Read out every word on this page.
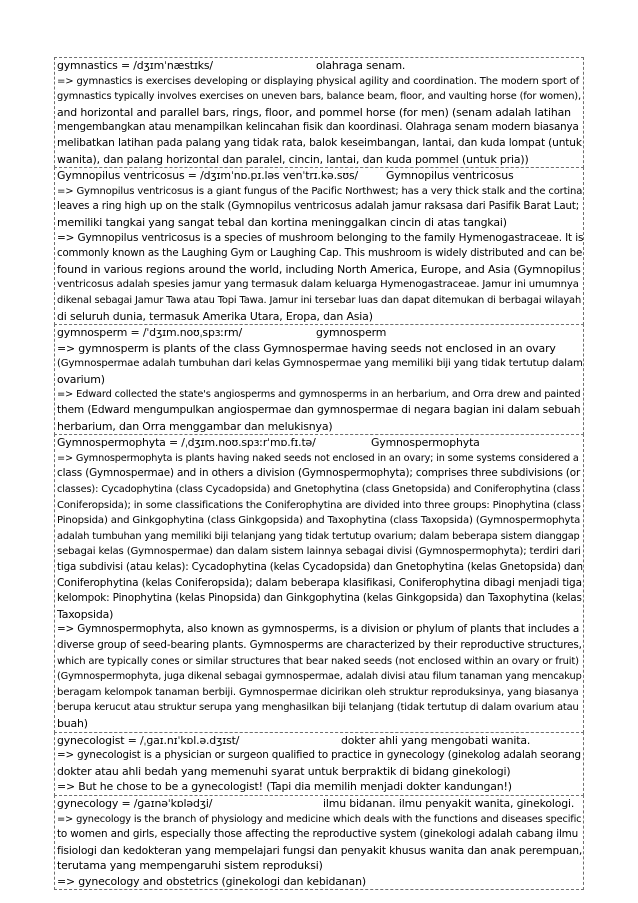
gymnastics = /dʒɪmˈnæstɪks/	olahraga senam.
=> gymnastics is exercises developing or displaying physical agility and coordination. The modern sport of
gymnastics typically involves exercises on uneven bars, balance beam, floor, and vaulting horse (for women),
and horizontal and parallel bars, rings, floor, and pommel horse (for men) (senam adalah latihan
mengembangkan atau menampilkan kelincahan fisik dan koordinasi. Olahraga senam modern biasanya
melibatkan latihan pada palang yang tidak rata, balok keseimbangan, lantai, dan kuda lompat (untuk
wanita), dan palang horizontal dan paralel, cincin, lantai, dan kuda pommel (untuk pria))
Gymnopilus ventricosus = /dʒɪmˈnɒ.pɪ.ləs venˈtrɪ.kə.sʊs/	Gymnopilus ventricosus
=> Gymnopilus ventricosus is a giant fungus of the Pacific Northwest; has a very thick stalk and the cortina
leaves a ring high up on the stalk (Gymnopilus ventricosus adalah jamur raksasa dari Pasifik Barat Laut;
memiliki tangkai yang sangat tebal dan kortina meninggalkan cincin di atas tangkai)
=> Gymnopilus ventricosus is a species of mushroom belonging to the family Hymenogastraceae. It is
commonly known as the Laughing Gym or Laughing Cap. This mushroom is widely distributed and can be
found in various regions around the world, including North America, Europe, and Asia (Gymnopilus
ventricosus adalah spesies jamur yang termasuk dalam keluarga Hymenogastraceae. Jamur ini umumnya
dikenal sebagai Jamur Tawa atau Topi Tawa. Jamur ini tersebar luas dan dapat ditemukan di berbagai wilayah
di seluruh dunia, termasuk Amerika Utara, Eropa, dan Asia)
gymnosperm = /ˈdʒɪm.noʊˌspɜːrm/	gymnosperm
=> gymnosperm is plants of the class Gymnospermae having seeds not enclosed in an ovary
(Gymnospermae adalah tumbuhan dari kelas Gymnospermae yang memiliki biji yang tidak tertutup dalam
ovarium)
=> Edward collected the state's angiosperms and gymnosperms in an herbarium, and Orra drew and painted
them (Edward mengumpulkan angiospermae dan gymnospermae di negara bagian ini dalam sebuah
herbarium, dan Orra menggambar dan melukisnya)
Gymnospermophyta = /ˌdʒɪm.noʊ.spɜːrˈmɒ.fɪ.tə/	Gymnospermophyta
=> Gymnospermophyta is plants having naked seeds not enclosed in an ovary; in some systems considered a
class (Gymnospermae) and in others a division (Gymnospermophyta); comprises three subdivisions (or
classes): Cycadophytina (class Cycadopsida) and Gnetophytina (class Gnetopsida) and Coniferophytina (class
Coniferopsida); in some classifications the Coniferophytina are divided into three groups: Pinophytina (class
Pinopsida) and Ginkgophytina (class Ginkgopsida) and Taxophytina (class Taxopsida) (Gymnospermophyta
adalah tumbuhan yang memiliki biji telanjang yang tidak tertutup ovarium; dalam beberapa sistem dianggap
sebagai kelas (Gymnospermae) dan dalam sistem lainnya sebagai divisi (Gymnospermophyta); terdiri dari
tiga subdivisi (atau kelas): Cycadophytina (kelas Cycadopsida) dan Gnetophytina (kelas Gnetopsida) dan
Coniferophytina (kelas Coniferopsida); dalam beberapa klasifikasi, Coniferophytina dibagi menjadi tiga
kelompok: Pinophytina (kelas Pinopsida) dan Ginkgophytina (kelas Ginkgopsida) dan Taxophytina (kelas
Taxopsida)
=> Gymnospermophyta, also known as gymnosperms, is a division or phylum of plants that includes a
diverse group of seed-bearing plants. Gymnosperms are characterized by their reproductive structures,
which are typically cones or similar structures that bear naked seeds (not enclosed within an ovary or fruit)
(Gymnospermophyta, juga dikenal sebagai gymnospermae, adalah divisi atau filum tanaman yang mencakup
beragam kelompok tanaman berbiji. Gymnospermae dicirikan oleh struktur reproduksinya, yang biasanya
berupa kerucut atau struktur serupa yang menghasilkan biji telanjang (tidak tertutup di dalam ovarium atau
buah)
gynecologist = /ˌɡaɪ.nɪˈkɒl.ə.dʒɪst/	dokter ahli yang mengobati wanita.
=> gynecologist is a physician or surgeon qualified to practice in gynecology (ginekolog adalah seorang
dokter atau ahli bedah yang memenuhi syarat untuk berpraktik di bidang ginekologi)
=> But he chose to be a gynecologist! (Tapi dia memilih menjadi dokter kandungan!)
gynecology = /ɡaɪnəˈkɒlədʒi/	ilmu bidanan. ilmu penyakit wanita, ginekologi.
=> gynecology is the branch of physiology and medicine which deals with the functions and diseases specific
to women and girls, especially those affecting the reproductive system (ginekologi adalah cabang ilmu
fisiologi dan kedokteran yang mempelajari fungsi dan penyakit khusus wanita dan anak perempuan,
terutama yang mempengaruhi sistem reproduksi)
=> gynecology and obstetrics (ginekologi dan kebidanan)
